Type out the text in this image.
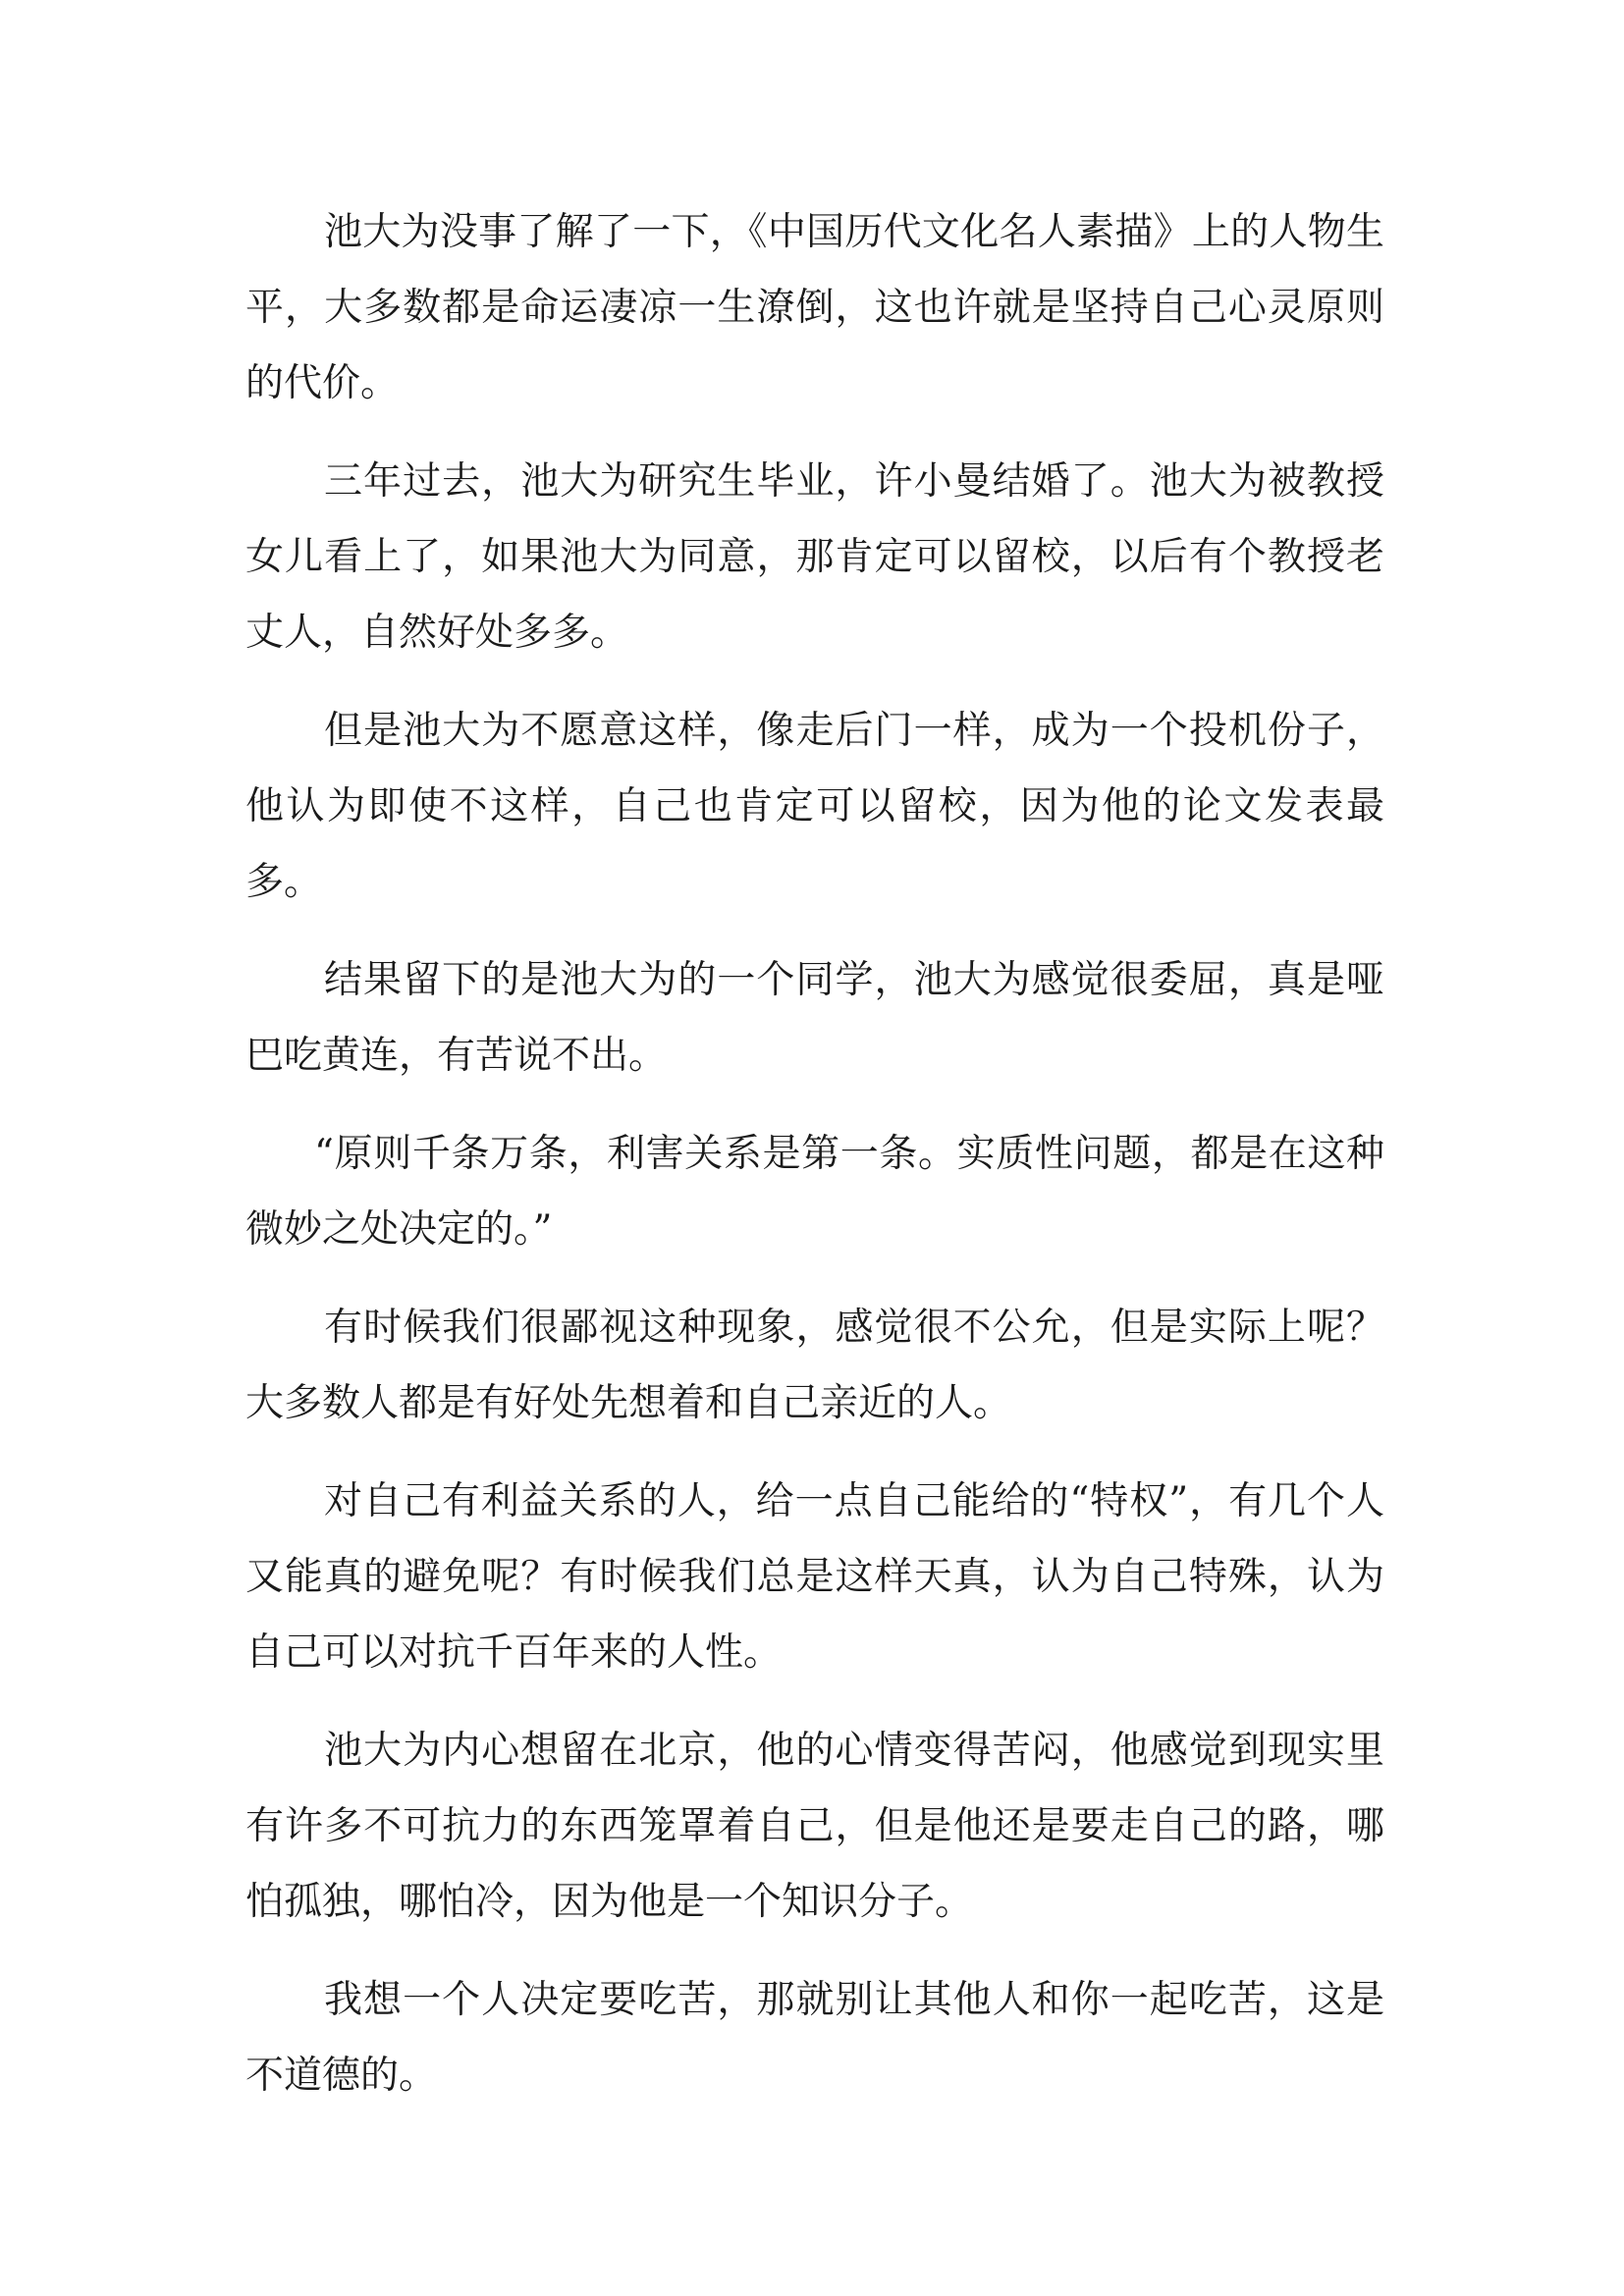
池大为没事了解了一下，《中国历代文化名人素描》上的人物生平，大多数都是命运凄凉一生潦倒，这也许就是坚持自己心灵原则的代价。

三年过去，池大为研究生毕业，许小曼结婚了。池大为被教授女儿看上了，如果池大为同意，那肯定可以留校，以后有个教授老丈人，自然好处多多。

但是池大为不愿意这样，像走后门一样，成为一个投机份子，他认为即使不这样，自己也肯定可以留校，因为他的论文发表最多。

结果留下的是池大为的一个同学，池大为感觉很委屈，真是哑巴吃黄连，有苦说不出。

“原则千条万条，利害关系是第一条。实质性问题，都是在这种微妙之处决定的。”

有时候我们很鄙视这种现象，感觉很不公允，但是实际上呢？大多数人都是有好处先想着和自己亲近的人。

对自己有利益关系的人，给一点自己能给的“特权”，有几个人又能真的避免呢？有时候我们总是这样天真，认为自己特殊，认为自己可以对抗千百年来的人性。

池大为内心想留在北京，他的心情变得苦闷，他感觉到现实里有许多不可抗力的东西笼罩着自己，但是他还是要走自己的路，哪怕孤独，哪怕冷，因为他是一个知识分子。

我想一个人决定要吃苦，那就别让其他人和你一起吃苦，这是不道德的。
